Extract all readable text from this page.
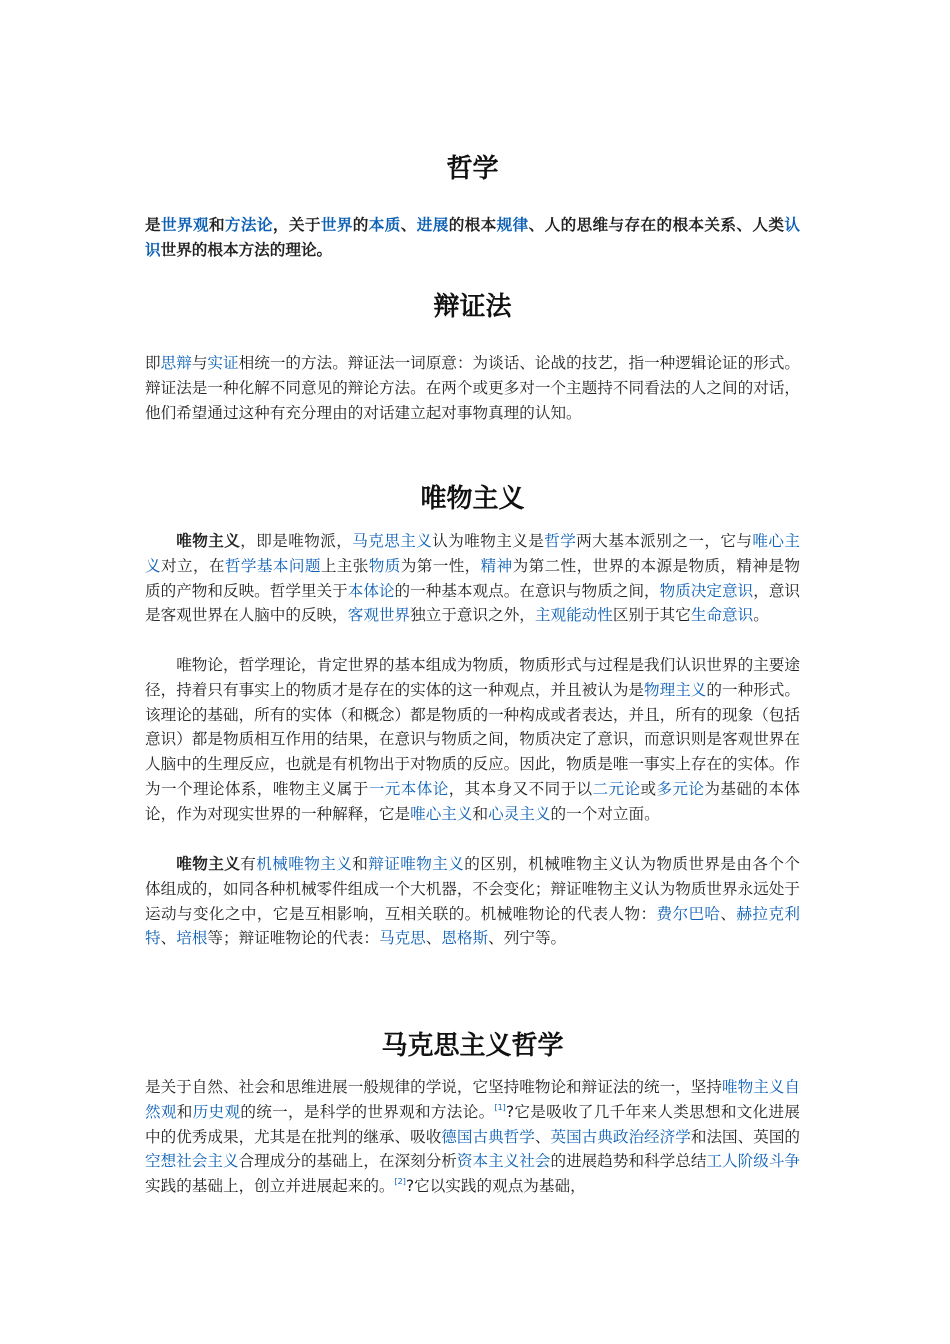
哲学

是世界观和方法论，关于世界的本质、进展的根本规律、人的思维与存在的根本关系、人类认识世界的根本方法的理论。

辩证法

即思辩与实证相统一的方法。辩证法一词原意：为谈话、论战的技艺，指一种逻辑论证的形式。辩证法是一种化解不同意见的辩论方法。在两个或更多对一个主题持不同看法的人之间的对话，他们希望通过这种有充分理由的对话建立起对事物真理的认知。

唯物主义

唯物主义，即是唯物派，马克思主义认为唯物主义是哲学两大基本派别之一，它与唯心主义对立，在哲学基本问题上主张物质为第一性，精神为第二性，世界的本源是物质，精神是物质的产物和反映。哲学里关于本体论的一种基本观点。在意识与物质之间，物质决定意识，意识是客观世界在人脑中的反映，客观世界独立于意识之外，主观能动性区别于其它生命意识。

唯物论，哲学理论，肯定世界的基本组成为物质，物质形式与过程是我们认识世界的主要途径，持着只有事实上的物质才是存在的实体的这一种观点，并且被认为是物理主义的一种形式。该理论的基础，所有的实体（和概念）都是物质的一种构成或者表达，并且，所有的现象（包括意识）都是物质相互作用的结果，在意识与物质之间，物质决定了意识，而意识则是客观世界在人脑中的生理反应，也就是有机物出于对物质的反应。因此，物质是唯一事实上存在的实体。作为一个理论体系，唯物主义属于一元本体论，其本身又不同于以二元论或多元论为基础的本体论，作为对现实世界的一种解释，它是唯心主义和心灵主义的一个对立面。

唯物主义有机械唯物主义和辩证唯物主义的区别，机械唯物主义认为物质世界是由各个个体组成的，如同各种机械零件组成一个大机器，不会变化；辩证唯物主义认为物质世界永远处于运动与变化之中，它是互相影响，互相关联的。机械唯物论的代表人物：费尔巴哈、赫拉克利特、培根等；辩证唯物论的代表：马克思、恩格斯、列宁等。

马克思主义哲学

是关于自然、社会和思维进展一般规律的学说，它坚持唯物论和辩证法的统一，坚持唯物主义自然观和历史观的统一，是科学的世界观和方法论。[1]?它是吸收了几千年来人类思想和文化进展中的优秀成果，尤其是在批判的继承、吸收德国古典哲学、英国古典政治经济学和法国、英国的空想社会主义合理成分的基础上，在深刻分析资本主义社会的进展趋势和科学总结工人阶级斗争实践的基础上，创立并进展起来的。[2]?它以实践的观点为基础，
